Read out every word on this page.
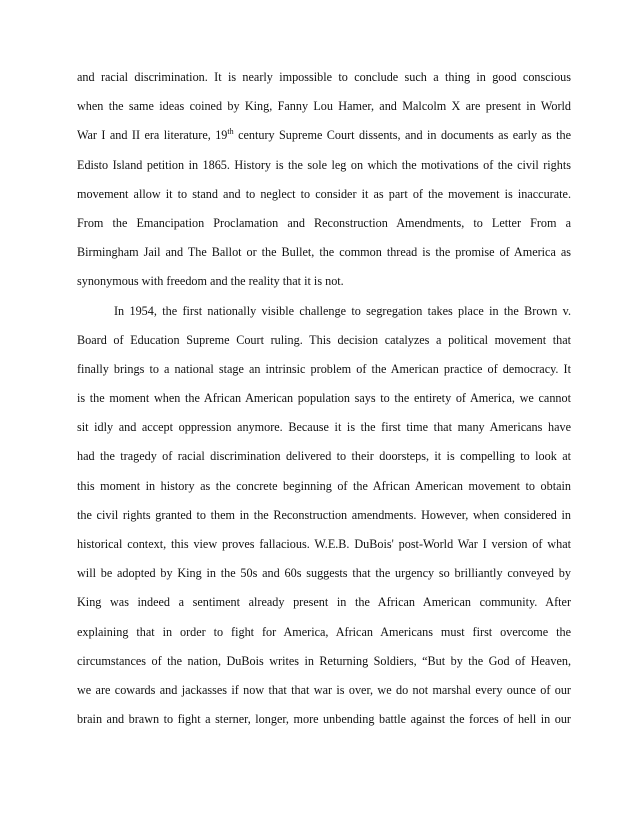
and racial discrimination. It is nearly impossible to conclude such a thing in good conscious
when the same ideas coined by King, Fanny Lou Hamer, and Malcolm X are present in World
War I and II era literature, 19th century Supreme Court dissents, and in documents as early as the
Edisto Island petition in 1865. History is the sole leg on which the motivations of the civil rights
movement allow it to stand and to neglect to consider it as part of the movement is inaccurate.
From the Emancipation Proclamation and Reconstruction Amendments, to Letter From a
Birmingham Jail and The Ballot or the Bullet, the common thread is the promise of America as
synonymous with freedom and the reality that it is not.
In 1954, the first nationally visible challenge to segregation takes place in the Brown v.
Board of Education Supreme Court ruling. This decision catalyzes a political movement that
finally brings to a national stage an intrinsic problem of the American practice of democracy. It
is the moment when the African American population says to the entirety of America, we cannot
sit idly and accept oppression anymore. Because it is the first time that many Americans have
had the tragedy of racial discrimination delivered to their doorsteps, it is compelling to look at
this moment in history as the concrete beginning of the African American movement to obtain
the civil rights granted to them in the Reconstruction amendments. However, when considered in
historical context, this view proves fallacious. W.E.B. DuBois' post-World War I version of what
will be adopted by King in the 50s and 60s suggests that the urgency so brilliantly conveyed by
King was indeed a sentiment already present in the African American community. After
explaining that in order to fight for America, African Americans must first overcome the
circumstances of the nation, DuBois writes in Returning Soldiers, “But by the God of Heaven,
we are cowards and jackasses if now that that war is over, we do not marshal every ounce of our
brain and brawn to fight a sterner, longer, more unbending battle against the forces of hell in our
